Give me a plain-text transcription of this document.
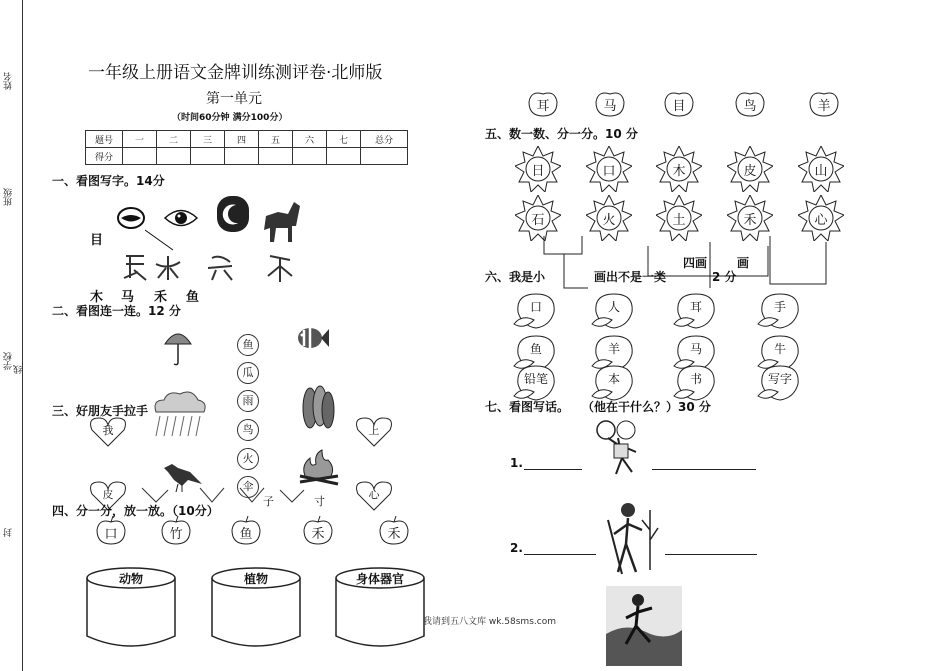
姓名
班级
学校 线
封
一年级上册语文金牌训练测评卷·北师版
第一单元
（时间60分钟 满分100分）
题号	一	二	三	四	五	六	七	总分
得分								
一、看图写字。14分
目
木 马 禾 鱼
二、看图连一连。12 分
鱼
瓜
雨
鸟
火
伞
三、好朋友手拉手
我	上
皮	心
子	寸
四、分一分，放一放。（10分）
口	竹	鱼	禾	禾
动物	植物	身体器官
耳	马	目	鸟	羊
五、数一数、分一分。10 分
日	口	木	皮	山
石	火	土	禾	心
四画 画
六、我是小	画出不是一类	2 分
口	人	耳	手
鱼	羊	马	牛
铅笔	本	书	写字
七、看图写话。 （他在干什么？）30 分
1.
2.
我请到五八文库 wk.58sms.com
